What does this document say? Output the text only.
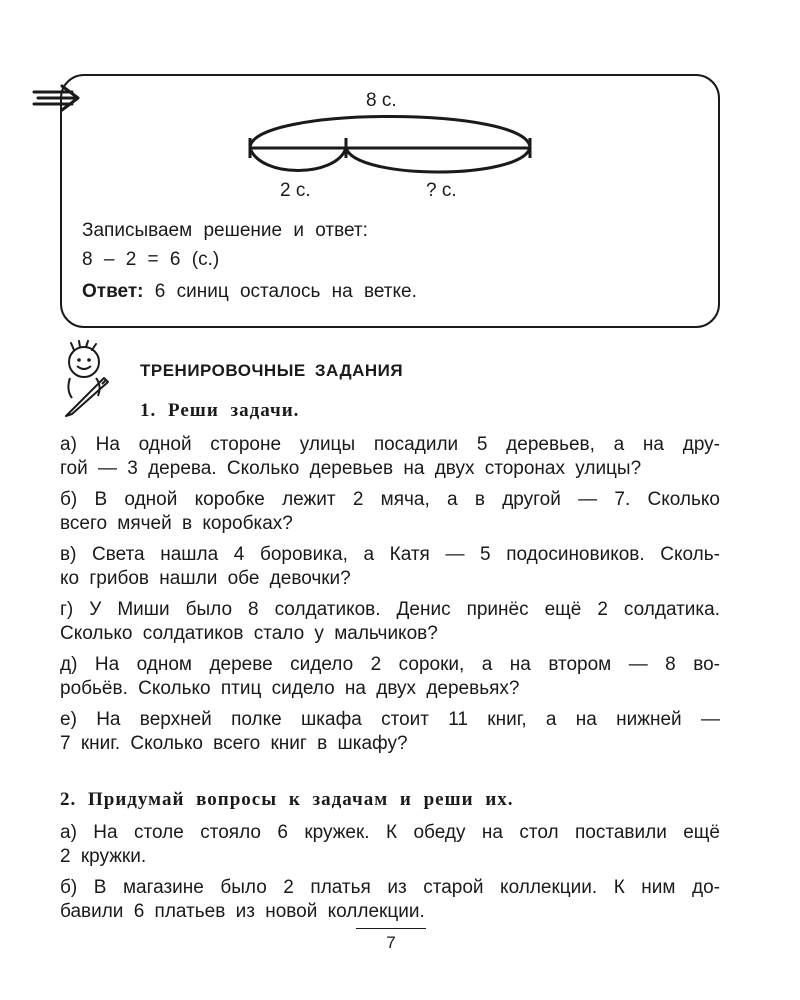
8 с.
2 с.	? с.
Записываем решение и ответ:
8 – 2 = 6 (с.)
Ответ: 6 синиц осталось на ветке.
ТРЕНИРОВОЧНЫЕ ЗАДАНИЯ
1. Реши задачи.
а) На одной стороне улицы посадили 5 деревьев, а на дру-
гой — 3 дерева. Сколько деревьев на двух сторонах улицы?
б) В одной коробке лежит 2 мяча, а в другой — 7. Сколько
всего мячей в коробках?
в) Света нашла 4 боровика, а Катя — 5 подосиновиков. Сколь-
ко грибов нашли обе девочки?
г) У Миши было 8 солдатиков. Денис принёс ещё 2 солдатика.
Сколько солдатиков стало у мальчиков?
д) На одном дереве сидело 2 сороки, а на втором — 8 во-
робьёв. Сколько птиц сидело на двух деревьях?
е) На верхней полке шкафа стоит 11 книг, а на нижней —
7 книг. Сколько всего книг в шкафу?
2. Придумай вопросы к задачам и реши их.
а) На столе стояло 6 кружек. К обеду на стол поставили ещё
2 кружки.
б) В магазине было 2 платья из старой коллекции. К ним до-
бавили 6 платьев из новой коллекции.
7
